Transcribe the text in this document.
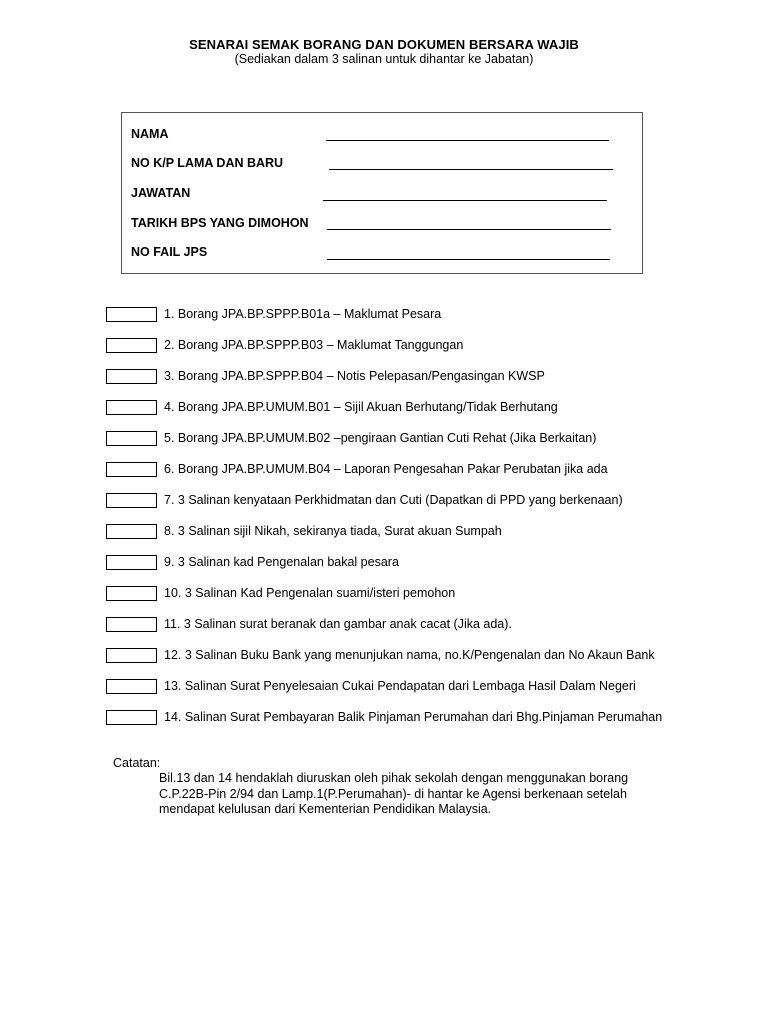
SENARAI SEMAK BORANG DAN DOKUMEN BERSARA WAJIB
(Sediakan dalam 3 salinan untuk dihantar ke Jabatan)
NAMA
NO K/P LAMA DAN BARU
JAWATAN
TARIKH BPS YANG DIMOHON
NO FAIL JPS
1. Borang JPA.BP.SPPP.B01a – Maklumat Pesara
2. Borang JPA.BP.SPPP.B03 – Maklumat Tanggungan
3. Borang JPA.BP.SPPP.B04 – Notis Pelepasan/Pengasingan KWSP
4. Borang JPA.BP.UMUM.B01 – Sijil Akuan Berhutang/Tidak Berhutang
5. Borang JPA.BP.UMUM.B02 –pengiraan Gantian Cuti Rehat (Jika Berkaitan)
6. Borang JPA.BP.UMUM.B04 – Laporan Pengesahan Pakar Perubatan jika ada
7. 3 Salinan kenyataan Perkhidmatan dan Cuti (Dapatkan di PPD yang berkenaan)
8. 3 Salinan sijil Nikah, sekiranya tiada, Surat akuan Sumpah
9. 3 Salinan kad Pengenalan bakal pesara
10. 3 Salinan Kad Pengenalan suami/isteri pemohon
11. 3 Salinan surat beranak dan gambar anak cacat (Jika ada).
12. 3 Salinan Buku Bank yang menunjukan nama, no.K/Pengenalan dan No Akaun Bank
13. Salinan Surat Penyelesaian Cukai Pendapatan dari Lembaga Hasil Dalam Negeri
14. Salinan Surat Pembayaran Balik Pinjaman Perumahan dari Bhg.Pinjaman Perumahan
Catatan:
Bil.13 dan 14 hendaklah diuruskan oleh pihak sekolah dengan menggunakan borang
C.P.22B-Pin 2/94 dan Lamp.1(P.Perumahan)- di hantar ke Agensi berkenaan setelah
mendapat kelulusan dari Kementerian Pendidikan Malaysia.
